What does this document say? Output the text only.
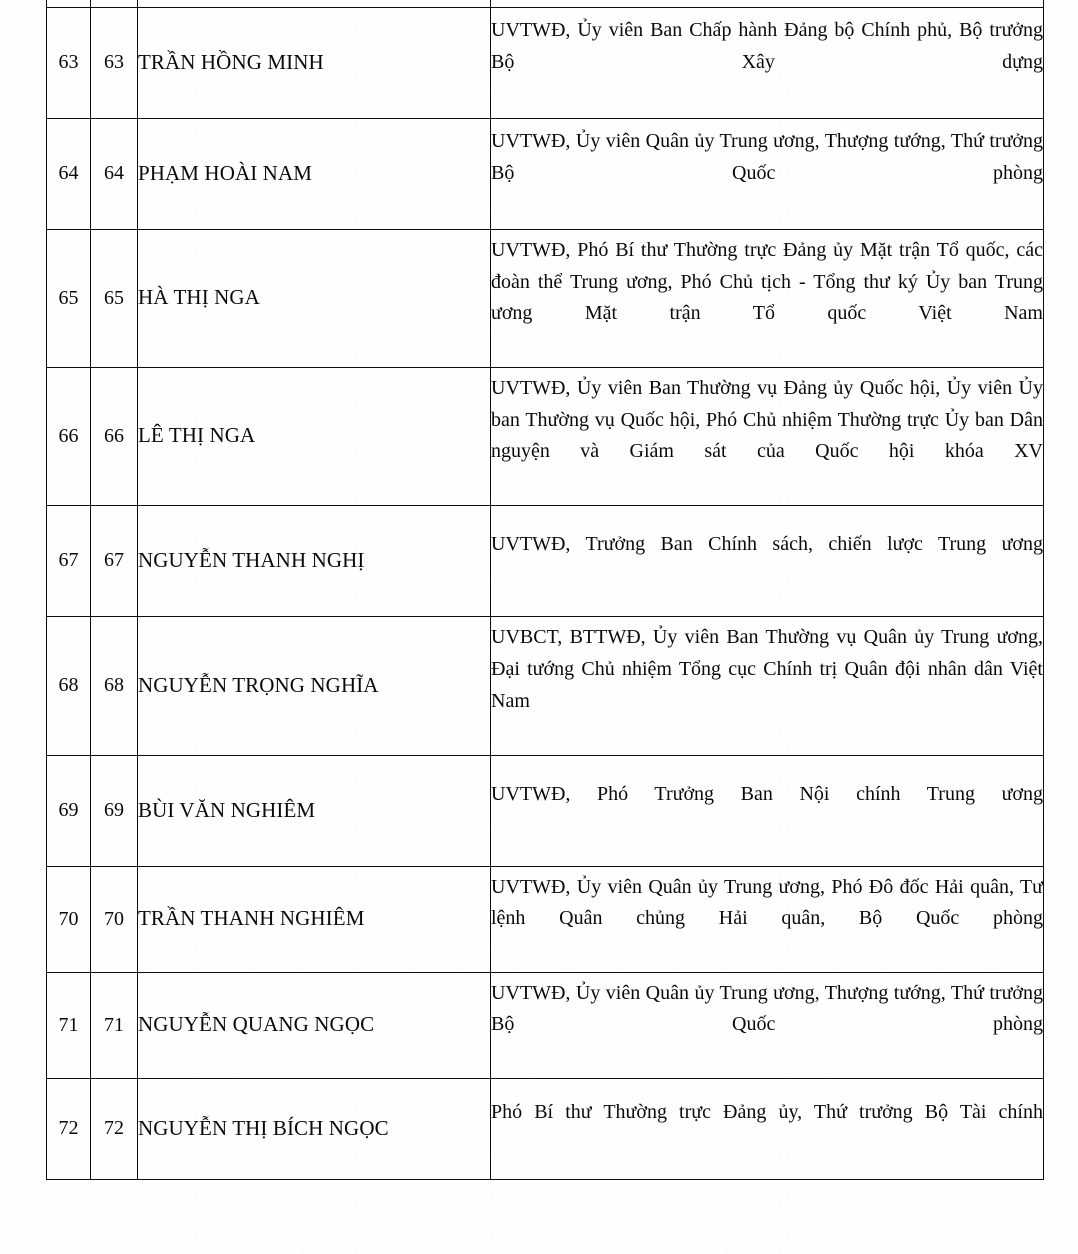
63	63	TRẦN HỒNG MINH	UVTWĐ, Ủy viên Ban Chấp hành Đảng bộ Chính phủ, Bộ trưởng Bộ Xây dựng
64	64	PHẠM HOÀI NAM	UVTWĐ, Ủy viên Quân ủy Trung ương, Thượng tướng, Thứ trưởng Bộ Quốc phòng
65	65	HÀ THỊ NGA	UVTWĐ, Phó Bí thư Thường trực Đảng ủy Mặt trận Tổ quốc, các đoàn thể Trung ương, Phó Chủ tịch - Tổng thư ký Ủy ban Trung ương Mặt trận Tổ quốc Việt Nam
66	66	LÊ THỊ NGA	UVTWĐ, Ủy viên Ban Thường vụ Đảng ủy Quốc hội, Ủy viên Ủy ban Thường vụ Quốc hội, Phó Chủ nhiệm Thường trực Ủy ban Dân nguyện và Giám sát của Quốc hội khóa XV
67	67	NGUYỄN THANH NGHỊ	UVTWĐ, Trưởng Ban Chính sách, chiến lược Trung ương
68	68	NGUYỄN TRỌNG NGHĨA	UVBCT, BTTWĐ, Ủy viên Ban Thường vụ Quân ủy Trung ương, Đại tướng Chủ nhiệm Tổng cục Chính trị Quân đội nhân dân Việt Nam
69	69	BÙI VĂN NGHIÊM	UVTWĐ, Phó Trưởng Ban Nội chính Trung ương
70	70	TRẦN THANH NGHIÊM	UVTWĐ, Ủy viên Quân ủy Trung ương, Phó Đô đốc Hải quân, Tư lệnh Quân chủng Hải quân, Bộ Quốc phòng
71	71	NGUYỄN QUANG NGỌC	UVTWĐ, Ủy viên Quân ủy Trung ương, Thượng tướng, Thứ trưởng Bộ Quốc phòng
72	72	NGUYỄN THỊ BÍCH NGỌC	Phó Bí thư Thường trực Đảng ủy, Thứ trưởng Bộ Tài chính
